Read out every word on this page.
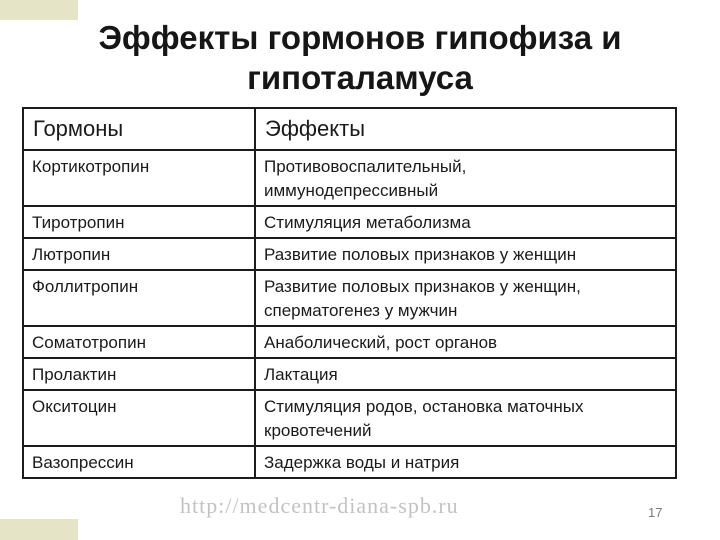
Эффекты гормонов гипофиза и
гипоталамуса
Гормоны	Эффекты
Кортикотропин	Противовоспалительный,
иммунодепрессивный
Тиротропин	Стимуляция метаболизма
Лютропин	Развитие половых признаков у женщин
Фоллитропин	Развитие половых признаков у женщин,
сперматогенез у мужчин
Соматотропин	Анаболический, рост органов
Пролактин	Лактация
Окситоцин	Стимуляция родов, остановка маточных
кровотечений
Вазопрессин	Задержка воды и натрия
http://medcentr-diana-spb.ru	17
